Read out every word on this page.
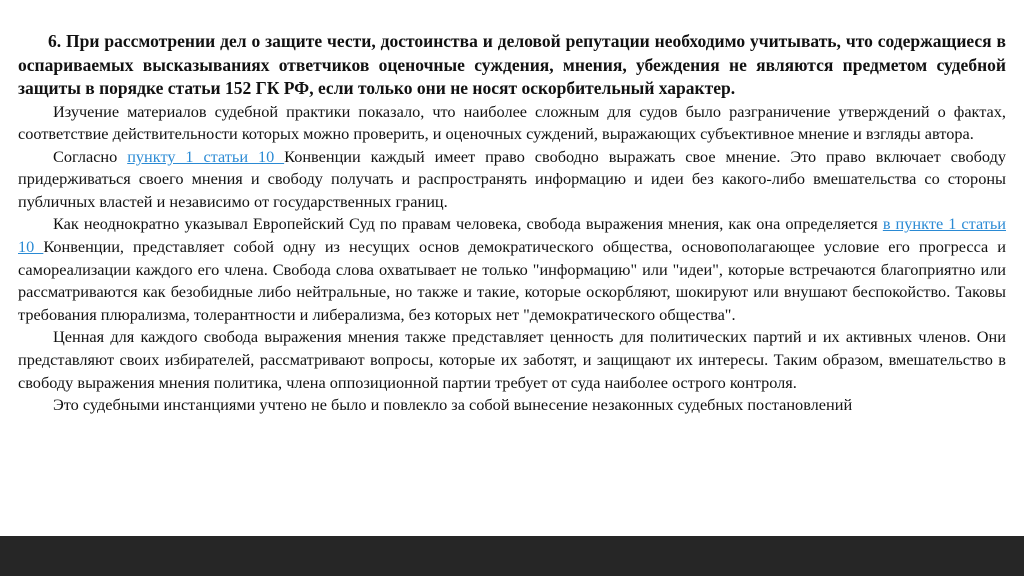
6. При рассмотрении дел о защите чести, достоинства и деловой репутации необходимо учитывать, что содержащиеся в оспариваемых высказываниях ответчиков оценочные суждения, мнения, убеждения не являются предметом судебной защиты в порядке статьи 152 ГК РФ, если только они не носят оскорбительный характер.

Изучение материалов судебной практики показало, что наиболее сложным для судов было разграничение утверждений о фактах, соответствие действительности которых можно проверить, и оценочных суждений, выражающих субъективное мнение и взгляды автора.

Согласно пункту 1 статьи 10 Конвенции каждый имеет право свободно выражать свое мнение. Это право включает свободу придерживаться своего мнения и свободу получать и распространять информацию и идеи без какого-либо вмешательства со стороны публичных властей и независимо от государственных границ.

Как неоднократно указывал Европейский Суд по правам человека, свобода выражения мнения, как она определяется в пункте 1 статьи 10 Конвенции, представляет собой одну из несущих основ демократического общества, основополагающее условие его прогресса и самореализации каждого его члена. Свобода слова охватывает не только "информацию" или "идеи", которые встречаются благоприятно или рассматриваются как безобидные либо нейтральные, но также и такие, которые оскорбляют, шокируют или внушают беспокойство. Таковы требования плюрализма, толерантности и либерализма, без которых нет "демократического общества".

Ценная для каждого свобода выражения мнения также представляет ценность для политических партий и их активных членов. Они представляют своих избирателей, рассматривают вопросы, которые их заботят, и защищают их интересы. Таким образом, вмешательство в свободу выражения мнения политика, члена оппозиционной партии требует от суда наиболее острого контроля.

Это судебными инстанциями учтено не было и повлекло за собой вынесение незаконных судебных постановлений
